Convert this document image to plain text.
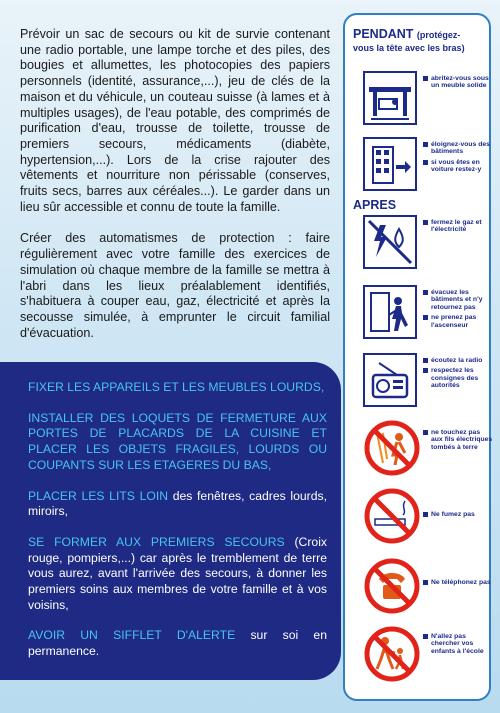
Prévoir un sac de secours ou kit de survie contenant une radio portable, une lampe torche et des piles, des bougies et allumettes, les photocopies des papiers personnels (identité, assurance,...), jeu de clés de la maison et du véhicule, un couteau suisse (à lames et à multiples usages), de l'eau potable, des comprimés de purification d'eau, trousse de toilette, trousse de premiers secours, médicaments (diabète, hypertension,...). Lors de la crise rajouter des vêtements et nourriture non périssable (conserves, fruits secs, barres aux céréales...). Le garder dans un lieu sûr accessible et connu de toute la famille.

Créer des automatismes de protection : faire régulièrement avec votre famille des exercices de simulation où chaque membre de la famille se mettra à l'abri dans les lieux préalablement identifiés, s'habituera à couper eau, gaz, électricité et après la secousse simulée, à emprunter le circuit familial d'évacuation.

FIXER LES APPAREILS ET LES MEUBLES LOURDS,

INSTALLER DES LOQUETS DE FERMETURE AUX PORTES DE PLACARDS DE LA CUISINE ET PLACER LES OBJETS FRAGILES, LOURDS OU COUPANTS SUR LES ETAGERES DU BAS,

PLACER LES LITS LOIN des fenêtres, cadres lourds, miroirs,

SE FORMER AUX PREMIERS SECOURS (Croix rouge, pompiers,...) car après le tremblement de terre vous aurez, avant l'arrivée des secours, à donner les premiers soins aux membres de votre famille et à vos voisins,

AVOIR UN SIFFLET D'ALERTE sur soi en permanence.

PENDANT (protégez-
vous la tête avec les bras)
APRES
abritez-vous sous un meuble solide
éloignez-vous des bâtiments
si vous êtes en voiture restez-y
fermez le gaz et l'électricité
évacuez les bâtiments et n'y retournez pas
ne prenez pas l'ascenseur
écoutez la radio
respectez les consignes des autorités
ne touchez pas aux fils électriques tombés à terre
Ne fumez pas
Ne téléphonez pas
N'allez pas chercher vos enfants à l'école
